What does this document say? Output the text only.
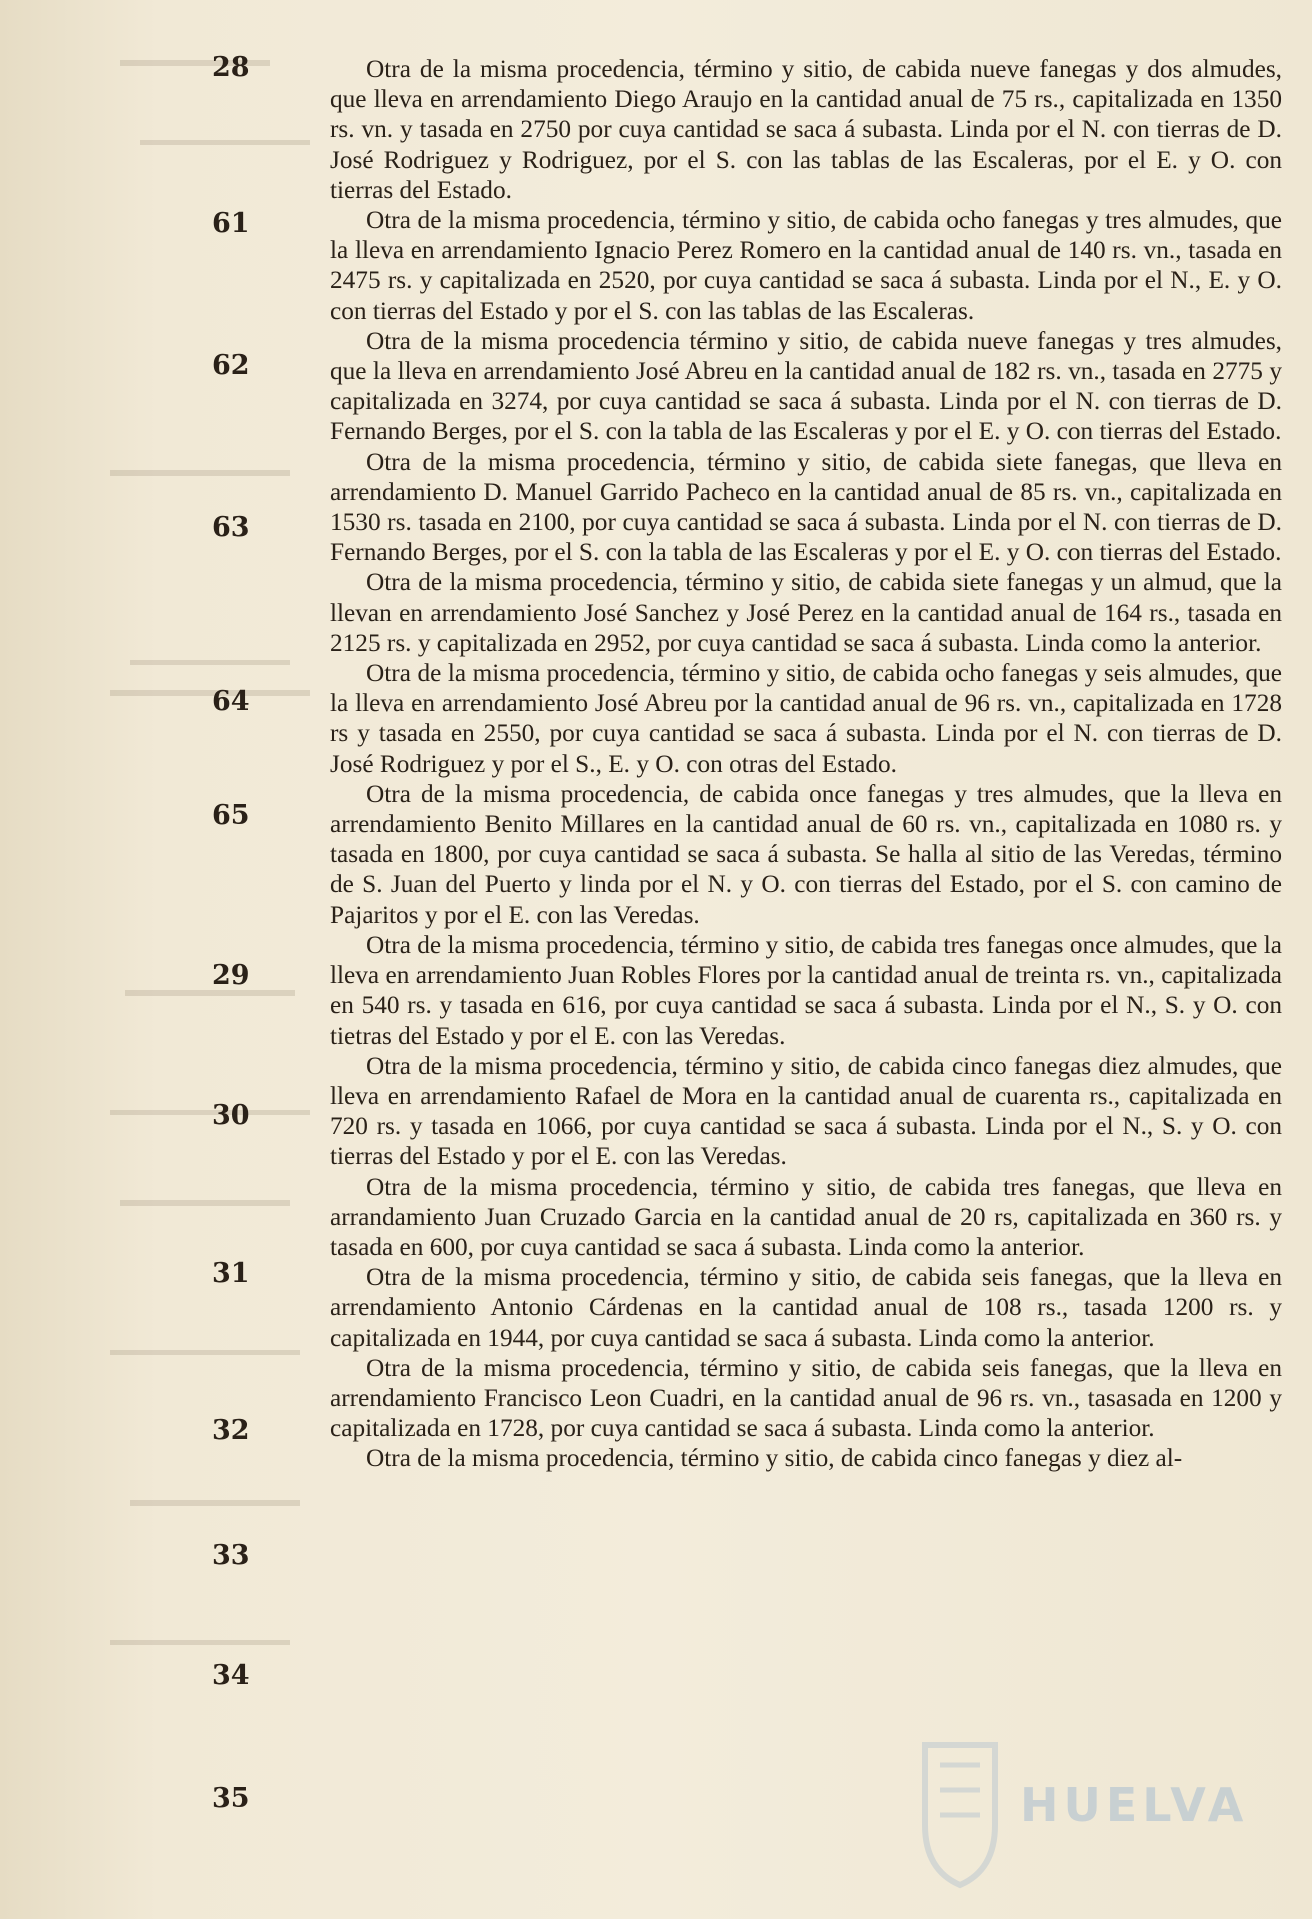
28
61
62
63
64
65
29
30
31
32
33
34
35

Otra de la misma procedencia, término y sitio, de cabida nueve fanegas y dos almudes, que lleva en arrendamiento Diego Araujo en la cantidad anual de 75 rs., capitalizada en 1350 rs. vn. y tasada en 2750 por cuya cantidad se saca á subasta. Linda por el N. con tierras de D. José Rodriguez y Rodriguez, por el S. con las tablas de las Escaleras, por el E. y O. con tierras del Estado.

Otra de la misma procedencia, término y sitio, de cabida ocho fanegas y tres almudes, que la lleva en arrendamiento Ignacio Perez Romero en la cantidad anual de 140 rs. vn., tasada en 2475 rs. y capitalizada en 2520, por cuya cantidad se saca á subasta. Linda por el N., E. y O. con tierras del Estado y por el S. con las tablas de las Escaleras.

Otra de la misma procedencia término y sitio, de cabida nueve fanegas y tres almudes, que la lleva en arrendamiento José Abreu en la cantidad anual de 182 rs. vn., tasada en 2775 y capitalizada en 3274, por cuya cantidad se saca á subasta. Linda por el N. con tierras de D. Fernando Berges, por el S. con la tabla de las Escaleras y por el E. y O. con tierras del Estado.

Otra de la misma procedencia, término y sitio, de cabida siete fanegas, que lleva en arrendamiento D. Manuel Garrido Pacheco en la cantidad anual de 85 rs. vn., capitalizada en 1530 rs. tasada en 2100, por cuya cantidad se saca á subasta. Linda por el N. con tierras de D. Fernando Berges, por el S. con la tabla de las Escaleras y por el E. y O. con tierras del Estado.

Otra de la misma procedencia, término y sitio, de cabida siete fanegas y un almud, que la llevan en arrendamiento José Sanchez y José Perez en la cantidad anual de 164 rs., tasada en 2125 rs. y capitalizada en 2952, por cuya cantidad se saca á subasta. Linda como la anterior.

Otra de la misma procedencia, término y sitio, de cabida ocho fanegas y seis almudes, que la lleva en arrendamiento José Abreu por la cantidad anual de 96 rs. vn., capitalizada en 1728 rs y tasada en 2550, por cuya cantidad se saca á subasta. Linda por el N. con tierras de D. José Rodriguez y por el S., E. y O. con otras del Estado.

Otra de la misma procedencia, de cabida once fanegas y tres almudes, que la lleva en arrendamiento Benito Millares en la cantidad anual de 60 rs. vn., capitalizada en 1080 rs. y tasada en 1800, por cuya cantidad se saca á subasta. Se halla al sitio de las Veredas, término de S. Juan del Puerto y linda por el N. y O. con tierras del Estado, por el S. con camino de Pajaritos y por el E. con las Veredas.

Otra de la misma procedencia, término y sitio, de cabida tres fanegas once almudes, que la lleva en arrendamiento Juan Robles Flores por la cantidad anual de treinta rs. vn., capitalizada en 540 rs. y tasada en 616, por cuya cantidad se saca á subasta. Linda por el N., S. y O. con tietras del Estado y por el E. con las Veredas.

Otra de la misma procedencia, término y sitio, de cabida cinco fanegas diez almudes, que lleva en arrendamiento Rafael de Mora en la cantidad anual de cuarenta rs., capitalizada en 720 rs. y tasada en 1066, por cuya cantidad se saca á subasta. Linda por el N., S. y O. con tierras del Estado y por el E. con las Veredas.

Otra de la misma procedencia, término y sitio, de cabida tres fanegas, que lleva en arrandamiento Juan Cruzado Garcia en la cantidad anual de 20 rs, capitalizada en 360 rs. y tasada en 600, por cuya cantidad se saca á subasta. Linda como la anterior.

Otra de la misma procedencia, término y sitio, de cabida seis fanegas, que la lleva en arrendamiento Antonio Cárdenas en la cantidad anual de 108 rs., tasada 1200 rs. y capitalizada en 1944, por cuya cantidad se saca á subasta. Linda como la anterior.

Otra de la misma procedencia, término y sitio, de cabida seis fanegas, que la lleva en arrendamiento Francisco Leon Cuadri, en la cantidad anual de 96 rs. vn., tasasada en 1200 y capitalizada en 1728, por cuya cantidad se saca á subasta. Linda como la anterior.

Otra de la misma procedencia, término y sitio, de cabida cinco fanegas y diez al-

HUELVA
